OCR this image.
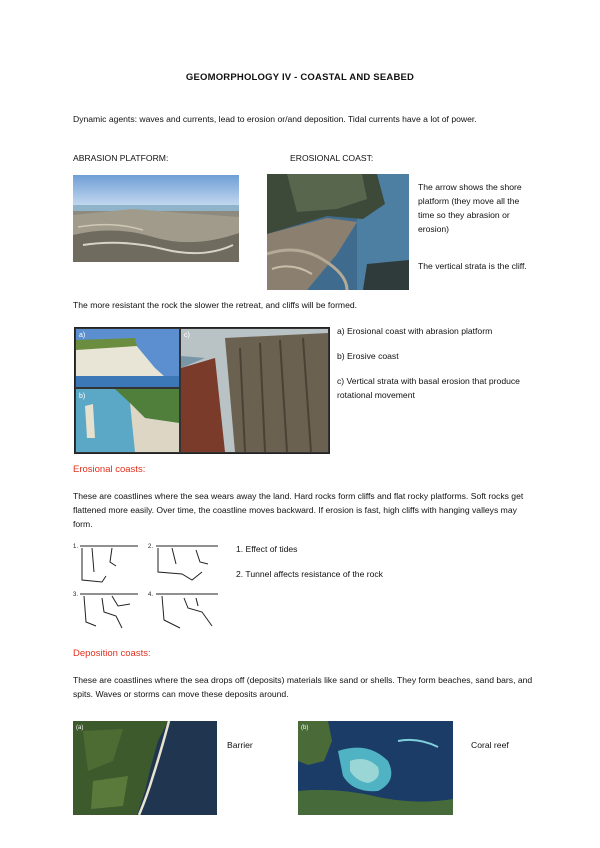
GEOMORPHOLOGY IV - COASTAL AND SEABED
Dynamic agents: waves and currents, lead to erosion or/and deposition. Tidal currents have a lot of power.
ABRASION PLATFORM:	EROSIONAL COAST:
The arrow shows the shore platform (they move all the time so they abrasion or erosion)
The vertical strata is the cliff.
The more resistant the rock the slower the retreat, and cliffs will be formed.
a)
b)
c)	a) Erosional coast with abrasion platform
b) Erosive coast
c) Vertical strata with basal erosion that produce rotational movement
Erosional coasts:
These are coastlines where the sea wears away the land. Hard rocks form cliffs and flat rocky platforms. Soft rocks get flattened more easily. Over time, the coastline moves backward. If erosion is fast, high cliffs with hanging valleys may form.
1.	2.
3.	4.
1. Effect of tides
2. Tunnel affects resistance of the rock
Deposition coasts:
These are coastlines where the sea drops off (deposits) materials like sand or shells. They form beaches, sand bars, and spits. Waves or storms can move these deposits around.
(a)
Barrier
(b)
Coral reef
